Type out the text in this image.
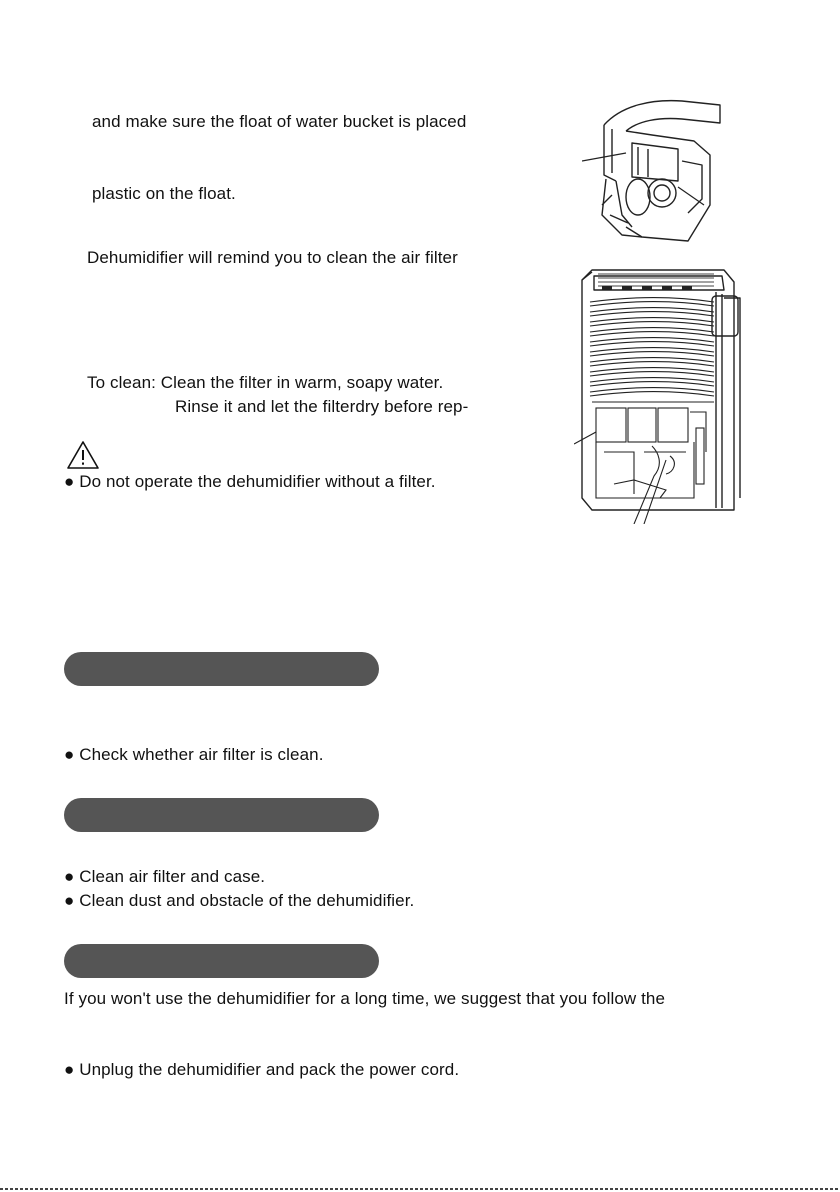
and make sure the float of water bucket is placed
plastic on the float.
Dehumidifier will remind you to clean the air filter
To clean: Clean the filter in warm, soapy water.
Rinse it and let the filterdry before rep-
● Do not operate the dehumidifier without a filter.
● Check whether air filter is clean.
● Clean air filter and case.
● Clean dust and obstacle of the dehumidifier.
If you won't use the dehumidifier for a long time, we suggest that you follow the
● Unplug the dehumidifier and pack the power cord.
